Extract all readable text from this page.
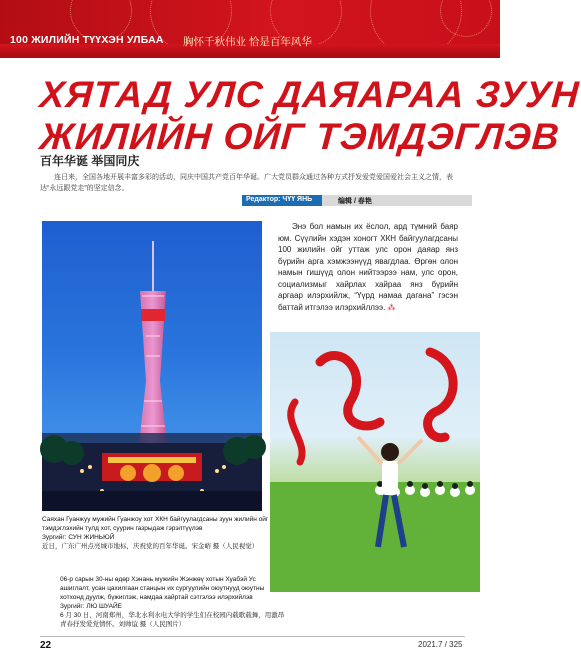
100 ЖИЛИЙН ТҮҮХЭН УЛБАА 胸怀千秋伟业 恰是百年风华
ХЯТАД УЛС ДАЯАРАА ЗУУН
ЖИЛИЙН ОЙГ ТЭМДЭГЛЭВ
百年华诞 举国同庆
连日来，全国各地开展丰富多彩的活动，同庆中国共产党百年华诞。广大党员群众通过各种方式抒发爱党爱国爱社会主义之情，表达“永远跟党走”的坚定信念。
Редактор: ЧҮҮ ЯНЬ	编辑 / 春艳
Саяхан Гуанжуу мужийн Гуанжоу хот ХКН байгуулагдсаны зуун жилийн ойг тэмдэглэхийн тулд хот, суурин газрыдаж гэрэлтүүлэв
Зургийг: СУН ЖИНЬЮЙ
近日，广东广州点亮城市地标，庆祝党的百年华诞。宋金峪 摄（人民视觉）
Энэ бол намын их ёслол, ард түмний баяр юм. Сүүлийн хэдэн хоногт ХКН байгуулагдсаны 100 жилийн ойг уттаж улс орон даяар янз бүрийн арга хэмжээнүүд явагдлаа. Өргөн олон намын гишүүд олон нийтээрээ нам, улс орон, социализмыг хайрлах хайраа янз бүрийн аргаар илэрхийлж, “Үүрд намаа дагана” гэсэн баттай итгэлээ илэрхийллээ. ⁂
06-р сарын 30-ны өдөр Хэнань мужийн Жэнжөү хотын Хуабэй Ус ашиглалт, усан цахилгаан станцын их сургуулийн оюутнууд оюутны хотхонд дуулж, бүжиглэж, намдаа хайртай сэтгэлээ илэрхийлэв
Зургийг: ЛЮ ШУАЙЕ
6 月 30 日，河南郑州，华北水利水电大学的学生们在校园内载歌载舞，用激昂青春抒发爱党情怀。刘帅谊 摄（人民图片）
22	2021.7 / 325
